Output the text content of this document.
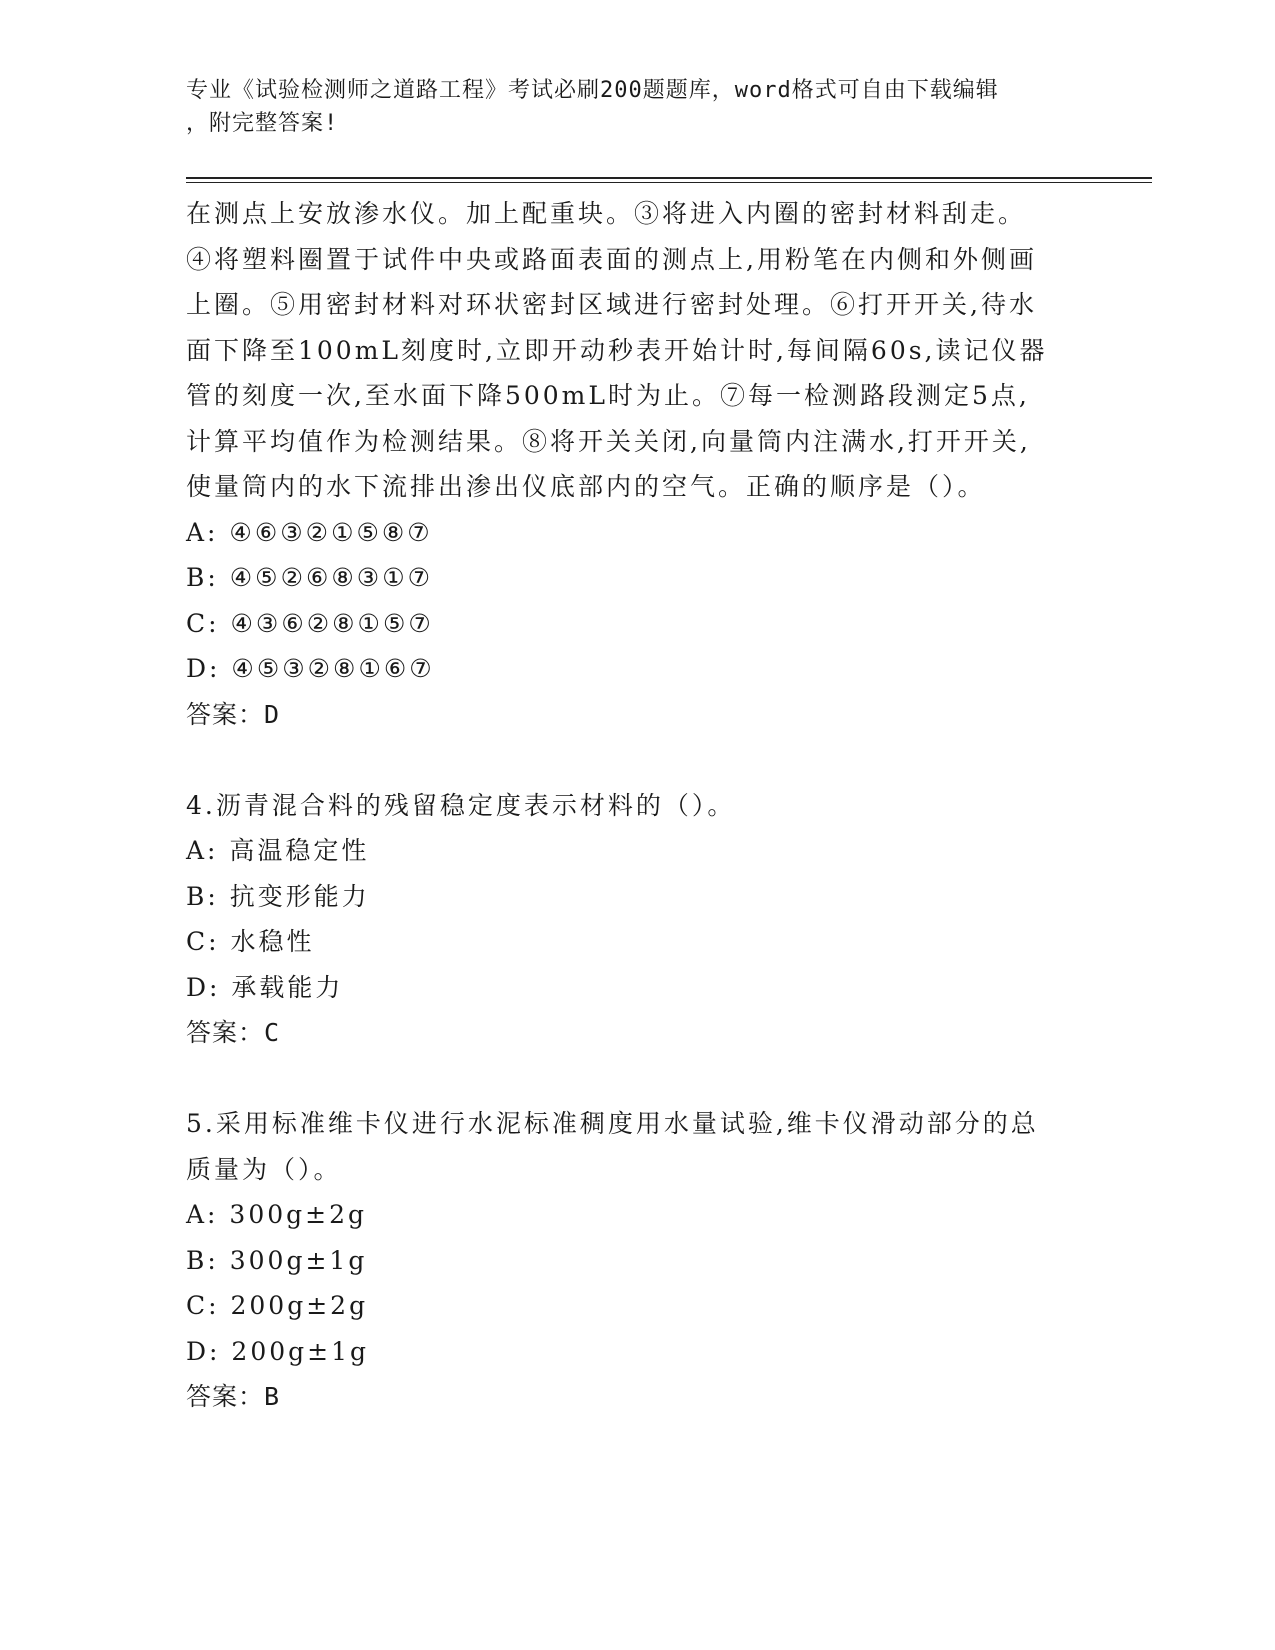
专业《试验检测师之道路工程》考试必刷200题题库，word格式可自由下载编辑
，附完整答案!
在测点上安放渗水仪。加上配重块。③将进入内圈的密封材料刮走。
④将塑料圈置于试件中央或路面表面的测点上,用粉笔在内侧和外侧画
上圈。⑤用密封材料对环状密封区域进行密封处理。⑥打开开关,待水
面下降至100mL刻度时,立即开动秒表开始计时,每间隔60s,读记仪器
管的刻度一次,至水面下降500mL时为止。⑦每一检测路段测定5点,
计算平均值作为检测结果。⑧将开关关闭,向量筒内注满水,打开开关,
使量筒内的水下流排出渗出仪底部内的空气。正确的顺序是（）。
A: ④⑥③②①⑤⑧⑦
B: ④⑤②⑥⑧③①⑦
C: ④③⑥②⑧①⑤⑦
D: ④⑤③②⑧①⑥⑦
答案：D
4.沥青混合料的残留稳定度表示材料的（）。
A: 高温稳定性
B: 抗变形能力
C: 水稳性
D: 承载能力
答案：C
5.采用标准维卡仪进行水泥标准稠度用水量试验,维卡仪滑动部分的总
质量为（）。
A: 300g±2g
B: 300g±1g
C: 200g±2g
D: 200g±1g
答案：B
